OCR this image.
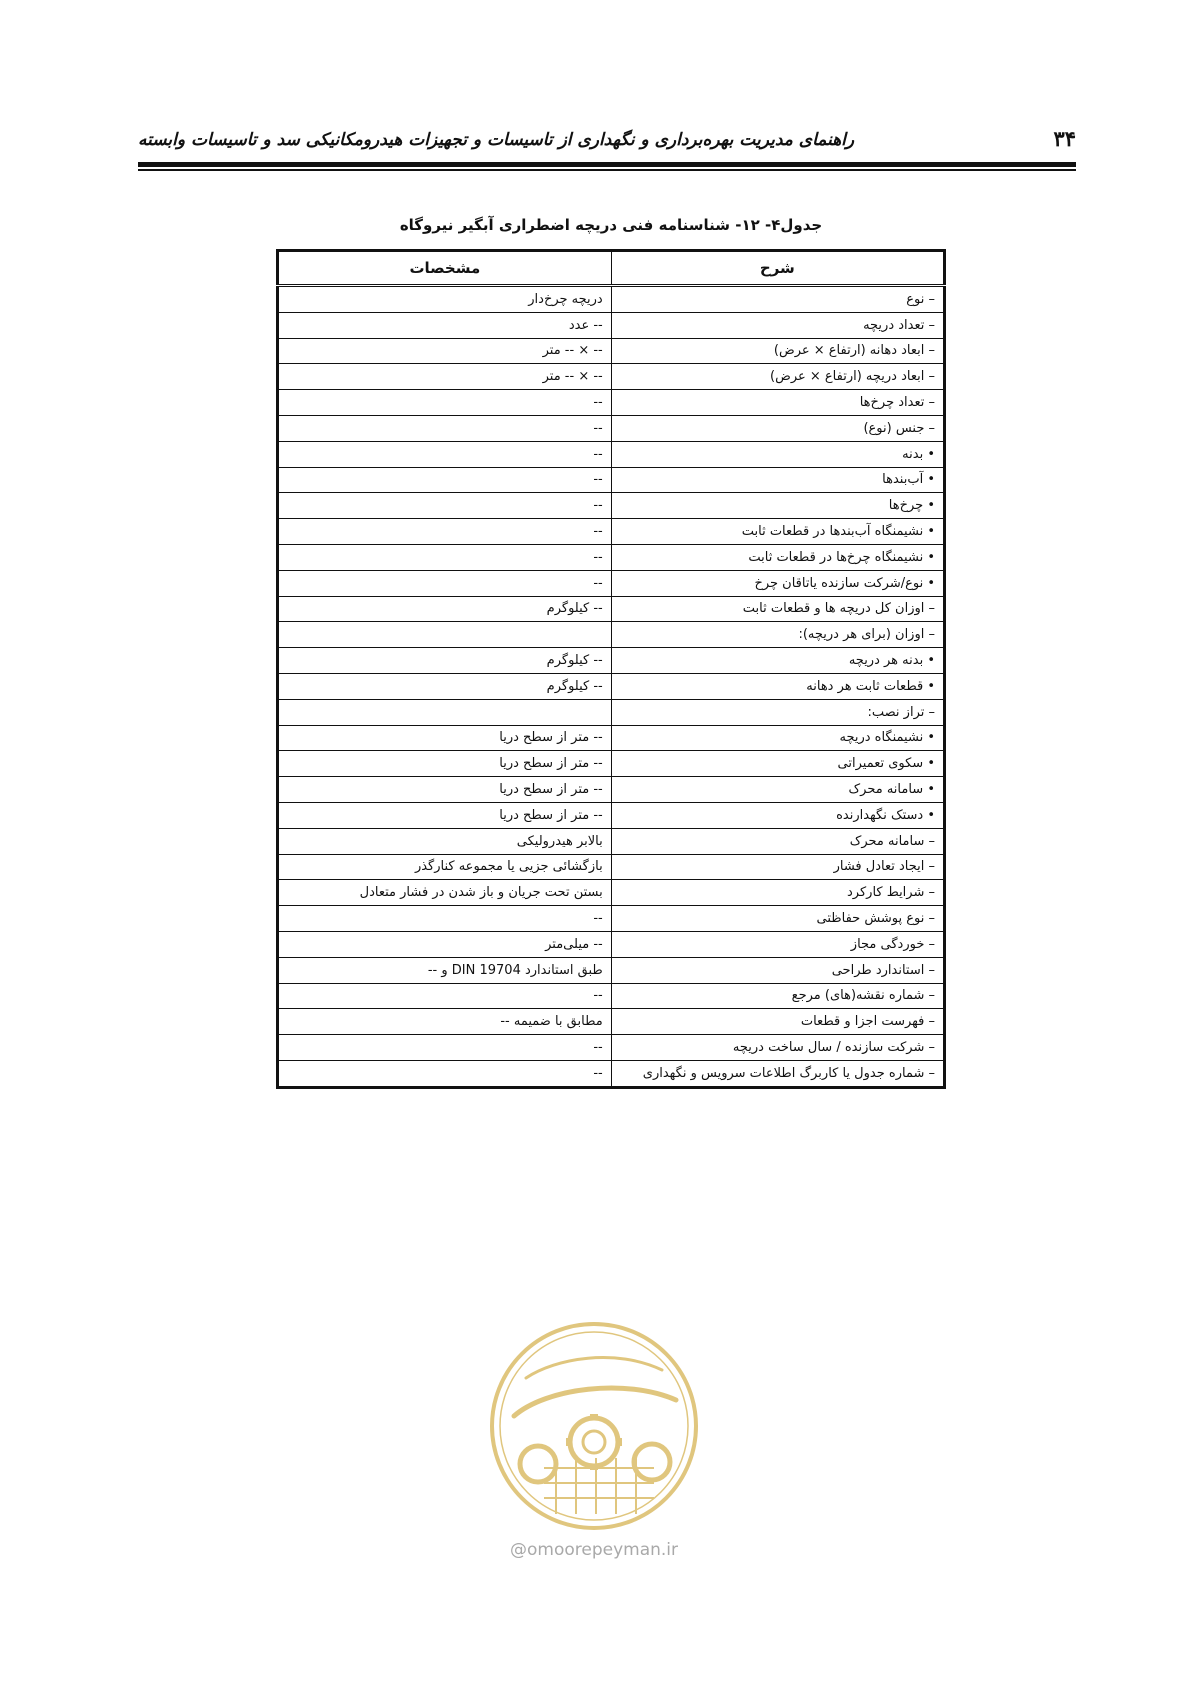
۳۴
راهنمای مدیریت بهره‌برداری و نگهداری از تاسیسات و تجهیزات هیدرومکانیکی سد و تاسیسات وابسته
جدول۴- ۱۲- شناسنامه فنی دریچه اضطراری آبگیر نیروگاه
شرح	مشخصات
– نوع	دریچه چرخ‌دار
– تعداد دریچه	-- عدد
– ابعاد دهانه (ارتفاع × عرض)	-- × -- متر
– ابعاد دریچه (ارتفاع × عرض)	-- × -- متر
– تعداد چرخ‌ها	--
– جنس (نوع)	--
• بدنه	--
• آب‌بندها	--
• چرخ‌ها	--
• نشیمنگاه آب‌بندها در قطعات ثابت	--
• نشیمنگاه چرخ‌ها در قطعات ثابت	--
• نوع/شرکت سازنده یاتاقان چرخ	--
– اوزان کل دریچه ها و قطعات ثابت	-- کیلوگرم
– اوزان (برای هر دریچه):	
• بدنه هر دریچه	-- کیلوگرم
• قطعات ثابت هر دهانه	-- کیلوگرم
– تراز نصب:	
• نشیمنگاه دریچه	-- متر از سطح دریا
• سکوی تعمیراتی	-- متر از سطح دریا
• سامانه محرک	-- متر از سطح دریا
• دستک نگهدارنده	-- متر از سطح دریا
– سامانه محرک	بالابر هیدرولیکی
– ایجاد تعادل فشار	بازگشائی جزیی یا مجموعه کنارگذر
– شرایط کارکرد	بستن تحت جریان و باز شدن در فشار متعادل
– نوع پوشش حفاظتی	--
– خوردگی مجاز	-- میلی‌متر
– استاندارد طراحی	طبق استاندارد DIN 19704 و --
– شماره نقشه(های) مرجع	--
– فهرست اجزا و قطعات	مطابق با ضمیمه --
– شرکت سازنده / سال ساخت دریچه	--
– شماره جدول یا کاربرگ اطلاعات سرویس و نگهداری	--
@omoorepeyman.ir
